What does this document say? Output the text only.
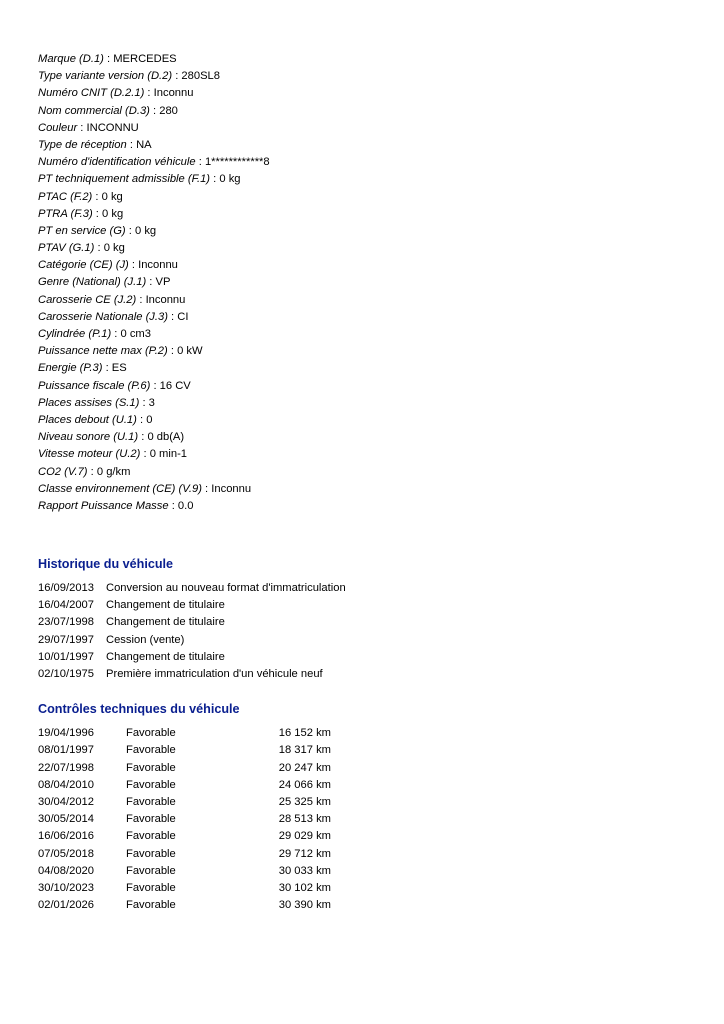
Marque (D.1) : MERCEDES
Type variante version (D.2) : 280SL8
Numéro CNIT (D.2.1) : Inconnu
Nom commercial (D.3) : 280
Couleur : INCONNU
Type de réception : NA
Numéro d'identification véhicule : 1************8
PT techniquement admissible (F.1) : 0 kg
PTAC (F.2) : 0 kg
PTRA (F.3) : 0 kg
PT en service (G) : 0 kg
PTAV (G.1) : 0 kg
Catégorie (CE) (J) : Inconnu
Genre (National) (J.1) : VP
Carosserie CE (J.2) : Inconnu
Carosserie Nationale (J.3) : CI
Cylindrée (P.1) : 0 cm3
Puissance nette max (P.2) : 0 kW
Energie (P.3) : ES
Puissance fiscale (P.6) : 16 CV
Places assises (S.1) : 3
Places debout (U.1) : 0
Niveau sonore (U.1) : 0 db(A)
Vitesse moteur (U.2) : 0 min-1
CO2 (V.7) : 0 g/km
Classe environnement (CE) (V.9) : Inconnu
Rapport Puissance Masse : 0.0
Historique du véhicule
16/09/2013 Conversion au nouveau format d'immatriculation
16/04/2007 Changement de titulaire
23/07/1998 Changement de titulaire
29/07/1997 Cession (vente)
10/01/1997 Changement de titulaire
02/10/1975 Première immatriculation d'un véhicule neuf
Contrôles techniques du véhicule
19/04/1996	Favorable	16 152 km
08/01/1997	Favorable	18 317 km
22/07/1998	Favorable	20 247 km
08/04/2010	Favorable	24 066 km
30/04/2012	Favorable	25 325 km
30/05/2014	Favorable	28 513 km
16/06/2016	Favorable	29 029 km
07/05/2018	Favorable	29 712 km
04/08/2020	Favorable	30 033 km
30/10/2023	Favorable	30 102 km
02/01/2026	Favorable	30 390 km
